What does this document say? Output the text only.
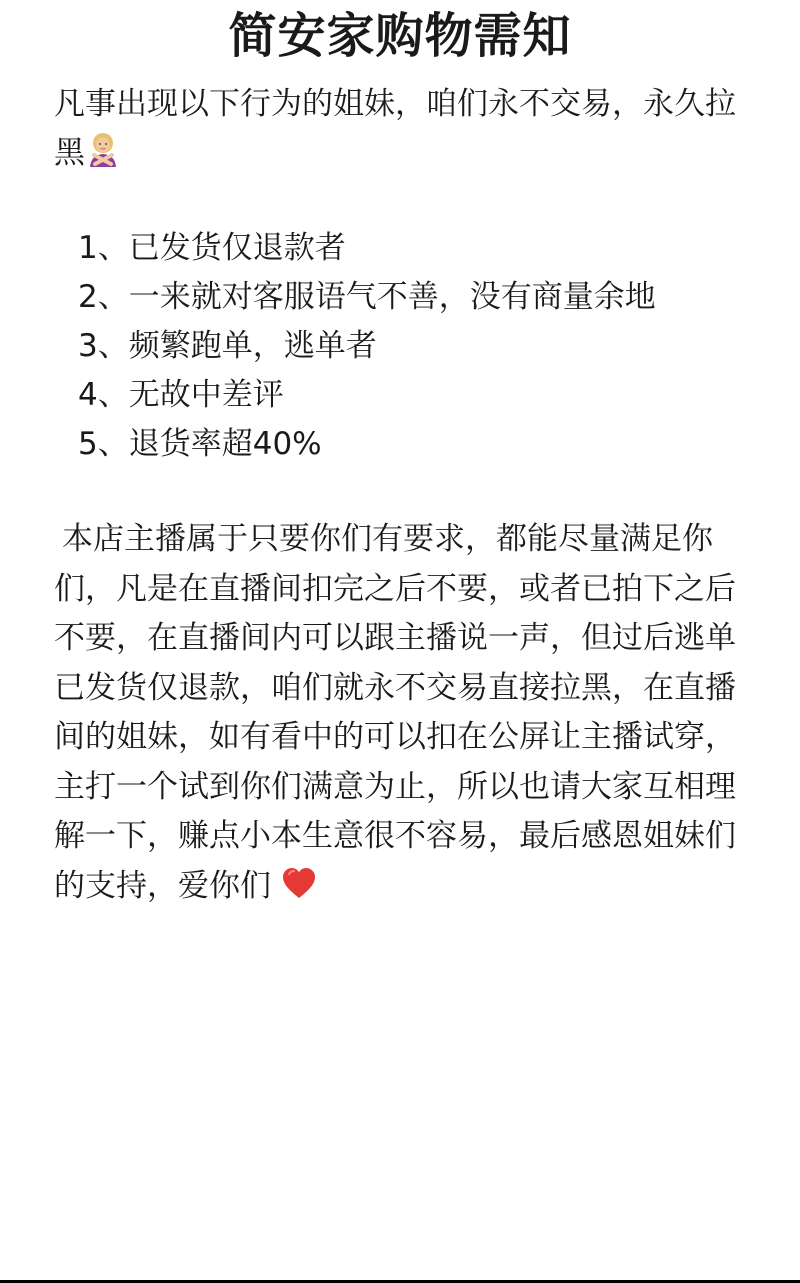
简安家购物需知
凡事出现以下行为的姐妹，咱们永不交易，永久拉黑
1、已发货仅退款者
2、一来就对客服语气不善，没有商量余地
3、频繁跑单，逃单者
4、无故中差评
5、退货率超40%
本店主播属于只要你们有要求，都能尽量满足你们，凡是在直播间扣完之后不要，或者已拍下之后不要，在直播间内可以跟主播说一声，但过后逃单已发货仅退款，咱们就永不交易直接拉黑，在直播间的姐妹，如有看中的可以扣在公屏让主播试穿，主打一个试到你们满意为止，所以也请大家互相理解一下，赚点小本生意很不容易，最后感恩姐妹们的支持，爱你们
